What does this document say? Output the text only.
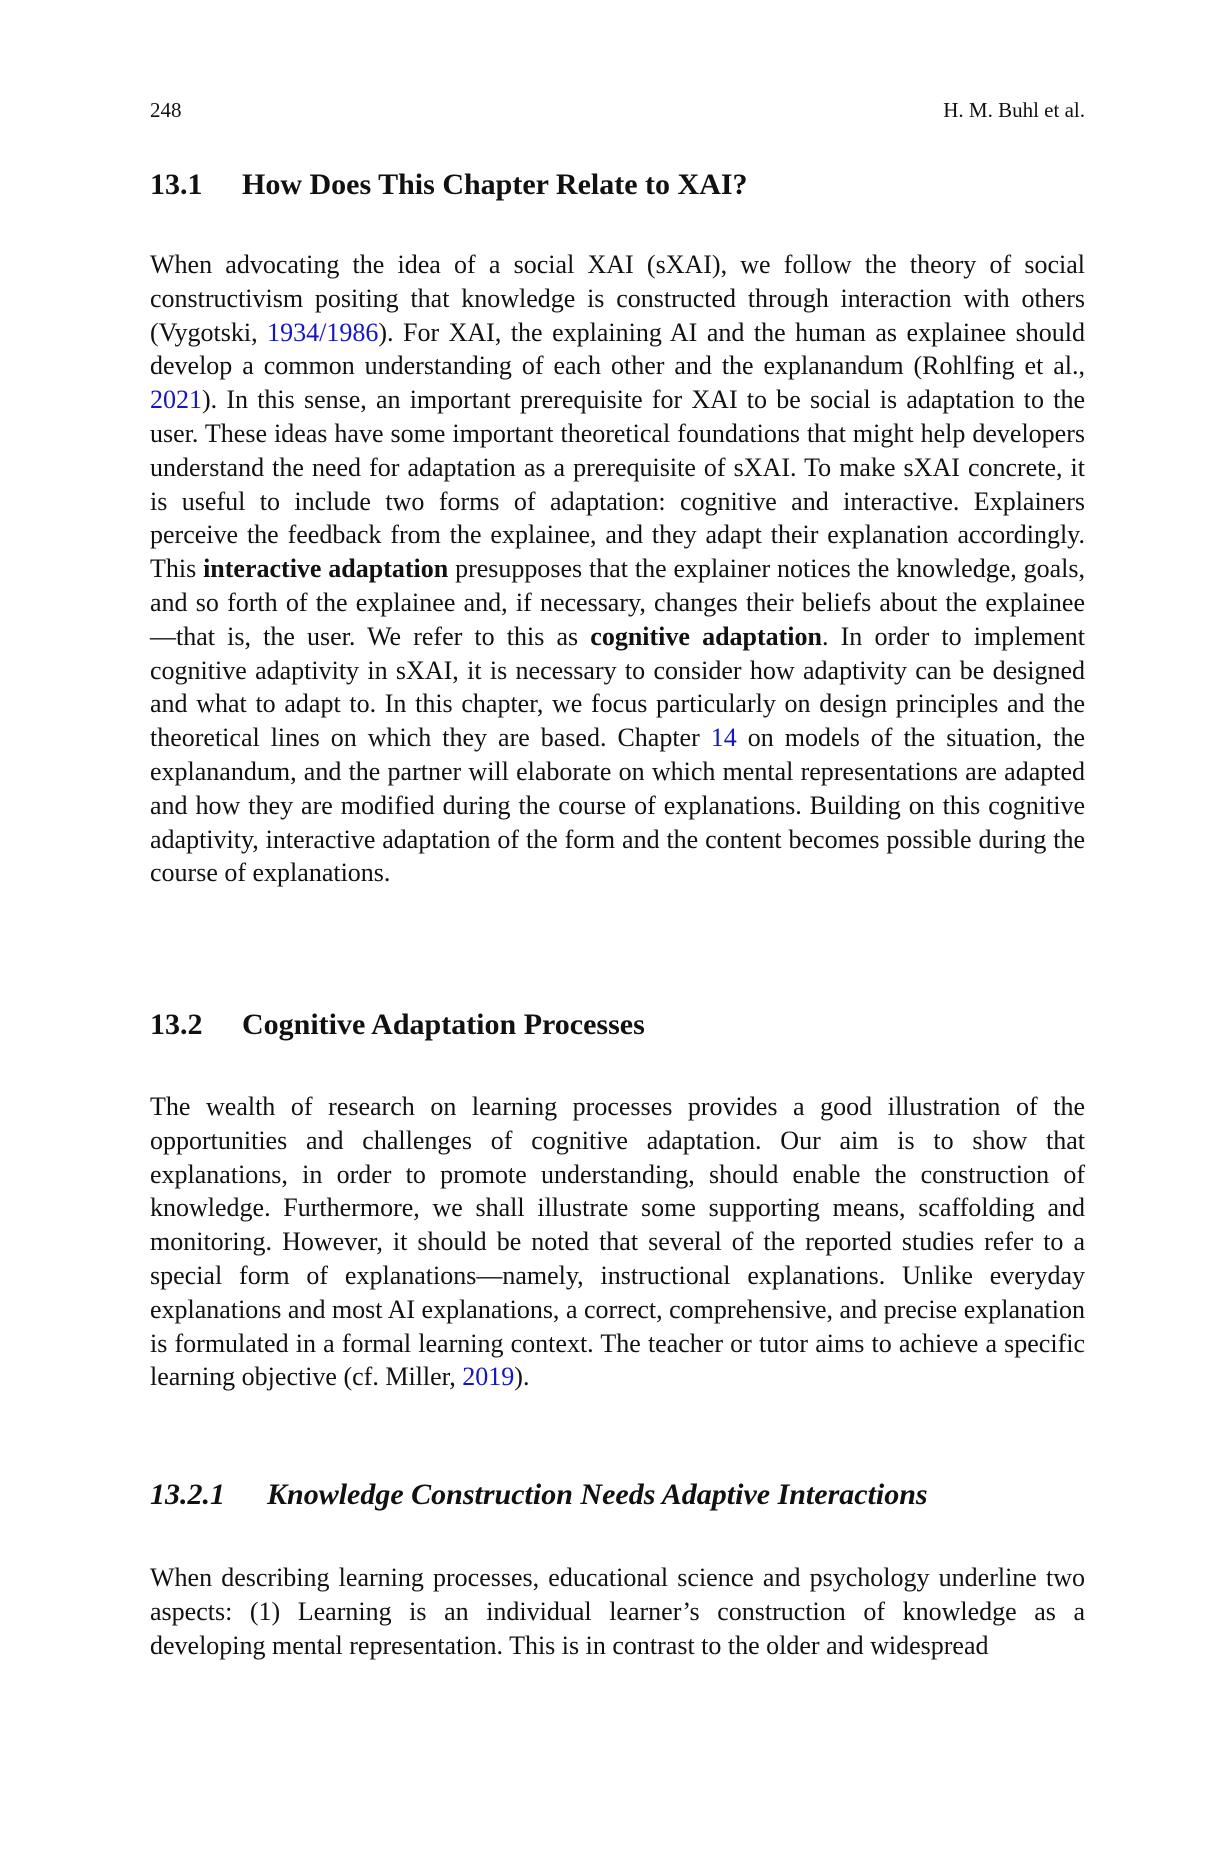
248	H. M. Buhl et al.
13.1 How Does This Chapter Relate to XAI?

When advocating the idea of a social XAI (sXAI), we follow the theory of social constructivism positing that knowledge is constructed through interaction with others (Vygotski, 1934/1986). For XAI, the explaining AI and the human as explainee should develop a common understanding of each other and the explanandum (Rohlfing et al., 2021). In this sense, an important prerequisite for XAI to be social is adaptation to the user. These ideas have some important theoretical foundations that might help developers understand the need for adaptation as a prerequisite of sXAI. To make sXAI concrete, it is useful to include two forms of adaptation: cognitive and interactive. Explainers perceive the feedback from the explainee, and they adapt their explanation accordingly. This interactive adaptation presupposes that the explainer notices the knowledge, goals, and so forth of the explainee and, if necessary, changes their beliefs about the explainee—that is, the user. We refer to this as cognitive adaptation. In order to implement cognitive adaptivity in sXAI, it is necessary to consider how adaptivity can be designed and what to adapt to. In this chapter, we focus particularly on design principles and the theoretical lines on which they are based. Chapter 14 on models of the situation, the explanandum, and the partner will elaborate on which mental representations are adapted and how they are modified during the course of explanations. Building on this cognitive adaptivity, interactive adaptation of the form and the content becomes possible during the course of explanations.

13.2 Cognitive Adaptation Processes

The wealth of research on learning processes provides a good illustration of the opportunities and challenges of cognitive adaptation. Our aim is to show that explanations, in order to promote understanding, should enable the construction of knowledge. Furthermore, we shall illustrate some supporting means, scaffolding and monitoring. However, it should be noted that several of the reported studies refer to a special form of explanations—namely, instructional explanations. Unlike everyday explanations and most AI explanations, a correct, comprehensive, and precise explanation is formulated in a formal learning context. The teacher or tutor aims to achieve a specific learning objective (cf. Miller, 2019).

13.2.1 Knowledge Construction Needs Adaptive Interactions

When describing learning processes, educational science and psychology underline two aspects: (1) Learning is an individual learner’s construction of knowledge as a developing mental representation. This is in contrast to the older and widespread
